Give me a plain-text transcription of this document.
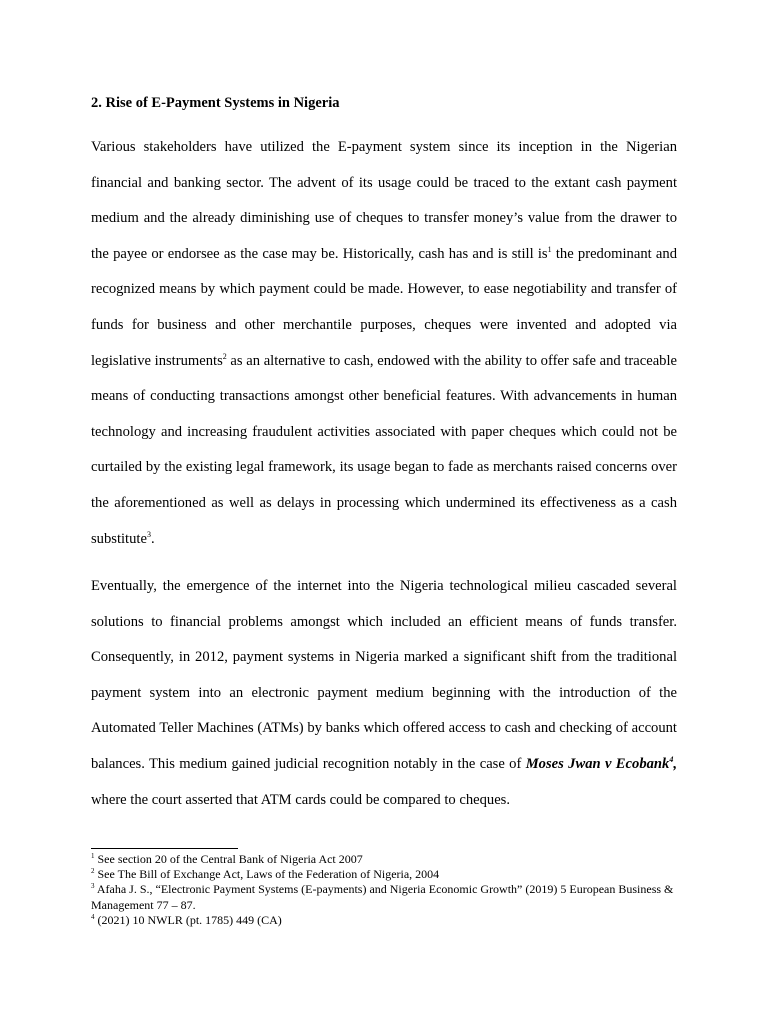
2. Rise of E-Payment Systems in Nigeria

Various stakeholders have utilized the E-payment system since its inception in the Nigerian financial and banking sector. The advent of its usage could be traced to the extant cash payment medium and the already diminishing use of cheques to transfer money’s value from the drawer to the payee or endorsee as the case may be. Historically, cash has and is still $is^1$ the predominant and recognized means by which payment could be made. However, to ease negotiability and transfer of funds for business and other merchantile purposes, cheques were invented and adopted via legislative instruments$^2$ as an alternative to cash, endowed with the ability to offer safe and traceable means of conducting transactions amongst other beneficial features. With advancements in human technology and increasing fraudulent activities associated with paper cheques which could not be curtailed by the existing legal framework, its usage began to fade as merchants raised concerns over the aforementioned as well as delays in processing which undermined its effectiveness as a cash substitute$^3$.

Eventually, the emergence of the internet into the Nigeria technological milieu cascaded several solutions to financial problems amongst which included an efficient means of funds transfer. Consequently, in 2012, payment systems in Nigeria marked a significant shift from the traditional payment system into an electronic payment medium beginning with the introduction of the Automated Teller Machines (ATMs) by banks which offered access to cash and checking of account balances. This medium gained judicial recognition notably in the case of Moses Jwan v Ecobank$^4$, where the court asserted that ATM cards could be compared to cheques.

$^1$ See section 20 of the Central Bank of Nigeria Act 2007

$^2$ See The Bill of Exchange Act, Laws of the Federation of Nigeria, 2004

$^3$ Afaha J. S., “Electronic Payment Systems (E-payments) and Nigeria Economic Growth” (2019) 5 European Business & Management 77 – 87.

$^4$ (2021) 10 NWLR (pt. 1785) 449 (CA)
